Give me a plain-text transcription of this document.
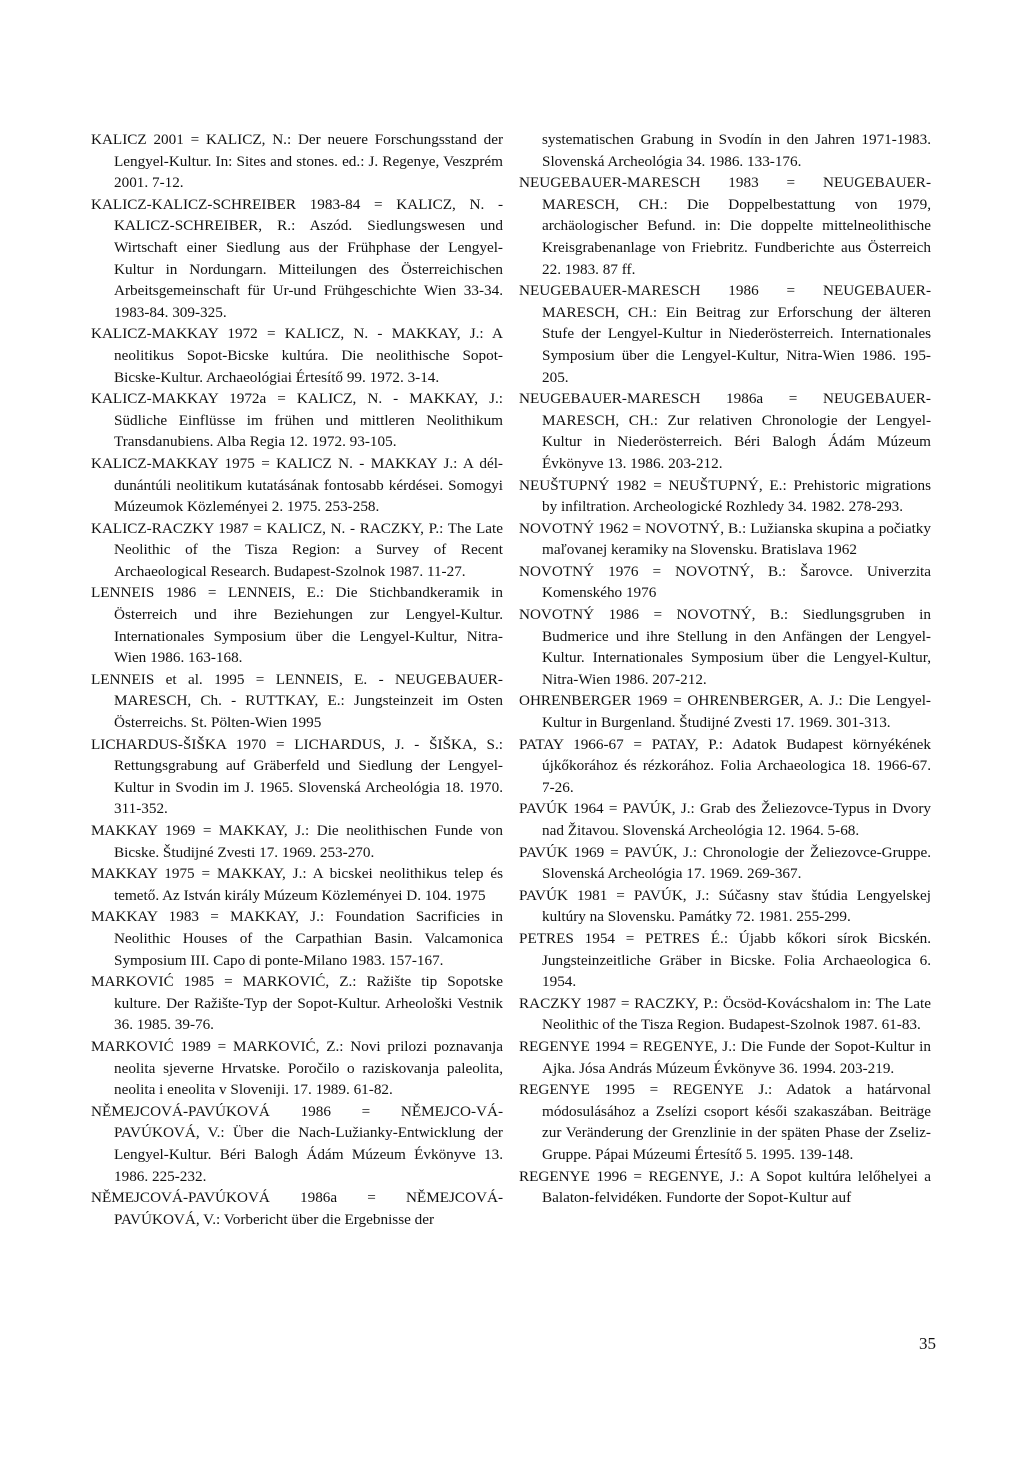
KALICZ 2001 = KALICZ, N.: Der neuere Forschungsstand der Lengyel-Kultur. In: Sites and stones. ed.: J. Regenye, Veszprém 2001. 7-12.

KALICZ-KALICZ-SCHREIBER 1983-84 = KALICZ, N. - KALICZ-SCHREIBER, R.: Aszód. Siedlungswesen und Wirtschaft einer Siedlung aus der Frühphase der Lengyel-Kultur in Nordungarn. Mitteilungen des Österreichischen Arbeitsgemeinschaft für Ur-und Frühgeschichte Wien 33-34. 1983-84. 309-325.

KALICZ-MAKKAY 1972 = KALICZ, N. - MAKKAY, J.: A neolitikus Sopot-Bicske kultúra. Die neolithische Sopot-Bicske-Kultur. Archaeológiai Értesítő 99. 1972. 3-14.

KALICZ-MAKKAY 1972a = KALICZ, N. - MAKKAY, J.: Südliche Einflüsse im frühen und mittleren Neolithikum Transdanubiens. Alba Regia 12. 1972. 93-105.

KALICZ-MAKKAY 1975 = KALICZ N. - MAKKAY J.: A dél-dunántúli neolitikum kutatásának fontosabb kérdései. Somogyi Múzeumok Közleményei 2. 1975. 253-258.

KALICZ-RACZKY 1987 = KALICZ, N. - RACZKY, P.: The Late Neolithic of the Tisza Region: a Survey of Recent Archaeological Research. Budapest-Szolnok 1987. 11-27.

LENNEIS 1986 = LENNEIS, E.: Die Stichbandkeramik in Österreich und ihre Beziehungen zur Lengyel-Kultur. Internationales Symposium über die Lengyel-Kultur, Nitra-Wien 1986. 163-168.

LENNEIS et al. 1995 = LENNEIS, E. - NEUGEBAUER-MARESCH, Ch. - RUTTKAY, E.: Jungsteinzeit im Osten Österreichs. St. Pölten-Wien 1995

LICHARDUS-ŠIŠKA 1970 = LICHARDUS, J. - ŠIŠKA, S.: Rettungsgrabung auf Gräberfeld und Siedlung der Lengyel-Kultur in Svodin im J. 1965. Slovenská Archeológia 18. 1970. 311-352.

MAKKAY 1969 = MAKKAY, J.: Die neolithischen Funde von Bicske. Študijné Zvesti 17. 1969. 253-270.

MAKKAY 1975 = MAKKAY, J.: A bicskei neolithikus telep és temető. Az István király Múzeum Közleményei D. 104. 1975

MAKKAY 1983 = MAKKAY, J.: Foundation Sacrificies in Neolithic Houses of the Carpathian Basin. Valcamonica Symposium III. Capo di ponte-Milano 1983. 157-167.

MARKOVIĆ 1985 = MARKOVIĆ, Z.: Ražište tip Sopotske kulture. Der Ražište-Typ der Sopot-Kultur. Arheološki Vestnik 36. 1985. 39-76.

MARKOVIĆ 1989 = MARKOVIĆ, Z.: Novi prilozi poznavanja neolita sjeverne Hrvatske. Poročilo o raziskovanja paleolita, neolita i eneolita v Sloveniji. 17. 1989. 61-82.

NĚMEJCOVÁ-PAVÚKOVÁ 1986 = NĚMEJCO-VÁ-PAVÚKOVÁ, V.: Über die Nach-Lužianky-Entwicklung der Lengyel-Kultur. Béri Balogh Ádám Múzeum Évkönyve 13. 1986. 225-232.

NĚMEJCOVÁ-PAVÚKOVÁ 1986a = NĚMEJCOVÁ-PAVÚKOVÁ, V.: Vorbericht über die Ergebnisse der

systematischen Grabung in Svodín in den Jahren 1971-1983. Slovenská Archeológia 34. 1986. 133-176.

NEUGEBAUER-MARESCH 1983 = NEUGEBAUER-MARESCH, CH.: Die Doppelbestattung von 1979, archäologischer Befund. in: Die doppelte mittelneolithische Kreisgrabenanlage von Friebritz. Fundberichte aus Österreich 22. 1983. 87 ff.

NEUGEBAUER-MARESCH 1986 = NEUGEBAUER-MARESCH, CH.: Ein Beitrag zur Erforschung der älteren Stufe der Lengyel-Kultur in Niederösterreich. Internationales Symposium über die Lengyel-Kultur, Nitra-Wien 1986. 195-205.

NEUGEBAUER-MARESCH 1986a = NEUGEBAUER-MARESCH, CH.: Zur relativen Chronologie der Lengyel-Kultur in Niederösterreich. Béri Balogh Ádám Múzeum Évkönyve 13. 1986. 203-212.

NEUŠTUPNÝ 1982 = NEUŠTUPNÝ, E.: Prehistoric migrations by infiltration. Archeologické Rozhledy 34. 1982. 278-293.

NOVOTNÝ 1962 = NOVOTNÝ, B.: Lužianska skupina a počiatky maľovanej keramiky na Slovensku. Bratislava 1962

NOVOTNÝ 1976 = NOVOTNÝ, B.: Šarovce. Univerzita Komenského 1976

NOVOTNÝ 1986 = NOVOTNÝ, B.: Siedlungsgruben in Budmerice und ihre Stellung in den Anfängen der Lengyel-Kultur. Internationales Symposium über die Lengyel-Kultur, Nitra-Wien 1986. 207-212.

OHRENBERGER 1969 = OHRENBERGER, A. J.: Die Lengyel-Kultur in Burgenland. Študijné Zvesti 17. 1969. 301-313.

PATAY 1966-67 = PATAY, P.: Adatok Budapest környékének újkőkorához és rézkorához. Folia Archaeologica 18. 1966-67. 7-26.

PAVÚK 1964 = PAVÚK, J.: Grab des Želiezovce-Typus in Dvory nad Žitavou. Slovenská Archeológia 12. 1964. 5-68.

PAVÚK 1969 = PAVÚK, J.: Chronologie der Želiezovce-Gruppe. Slovenská Archeológia 17. 1969. 269-367.

PAVÚK 1981 = PAVÚK, J.: Súčasny stav štúdia Lengyelskej kultúry na Slovensku. Památky 72. 1981. 255-299.

PETRES 1954 = PETRES É.: Újabb kőkori sírok Bicskén. Jungsteinzeitliche Gräber in Bicske. Folia Archaeologica 6. 1954.

RACZKY 1987 = RACZKY, P.: Öcsöd-Kovácshalom in: The Late Neolithic of the Tisza Region. Budapest-Szolnok 1987. 61-83.

REGENYE 1994 = REGENYE, J.: Die Funde der Sopot-Kultur in Ajka. Jósa András Múzeum Évkönyve 36. 1994. 203-219.

REGENYE 1995 = REGENYE J.: Adatok a határvonal módosulásához a Zselízi csoport késői szakaszában. Beiträge zur Veränderung der Grenzlinie in der späten Phase der Zseliz-Gruppe. Pápai Múzeumi Értesítő 5. 1995. 139-148.

REGENYE 1996 = REGENYE, J.: A Sopot kultúra lelőhelyei a Balaton-felvidéken. Fundorte der Sopot-Kultur auf

35
